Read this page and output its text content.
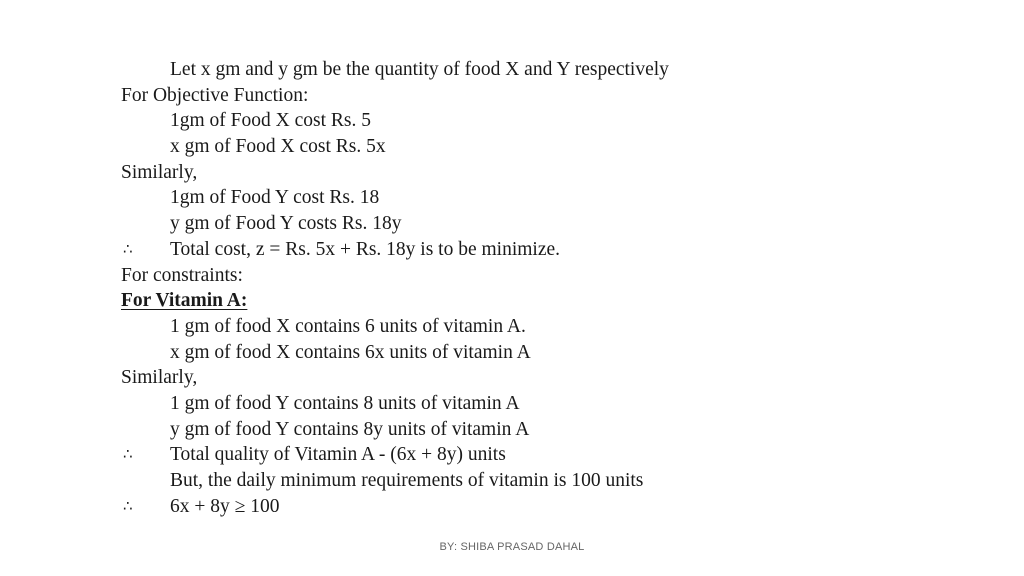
Let x gm and y gm be the quantity of food X and Y respectively
For Objective Function:
1gm of Food X cost Rs. 5
x gm of Food X cost Rs. 5x
Similarly,
1gm of Food Y cost Rs. 18
y gm of Food Y costs Rs. 18y
∴ Total cost, z = Rs. 5x + Rs. 18y is to be minimize.
For constraints:
For Vitamin A:
1 gm of food X contains 6 units of vitamin A.
x gm of food X contains 6x units of vitamin A
Similarly,
1 gm of food Y contains 8 units of vitamin A
y gm of food Y contains 8y units of vitamin A
∴ Total quality of Vitamin A - (6x + 8y) units
But, the daily minimum requirements of vitamin is 100 units
∴ 6x + 8y ≥ 100
BY: SHIBA PRASAD DAHAL
